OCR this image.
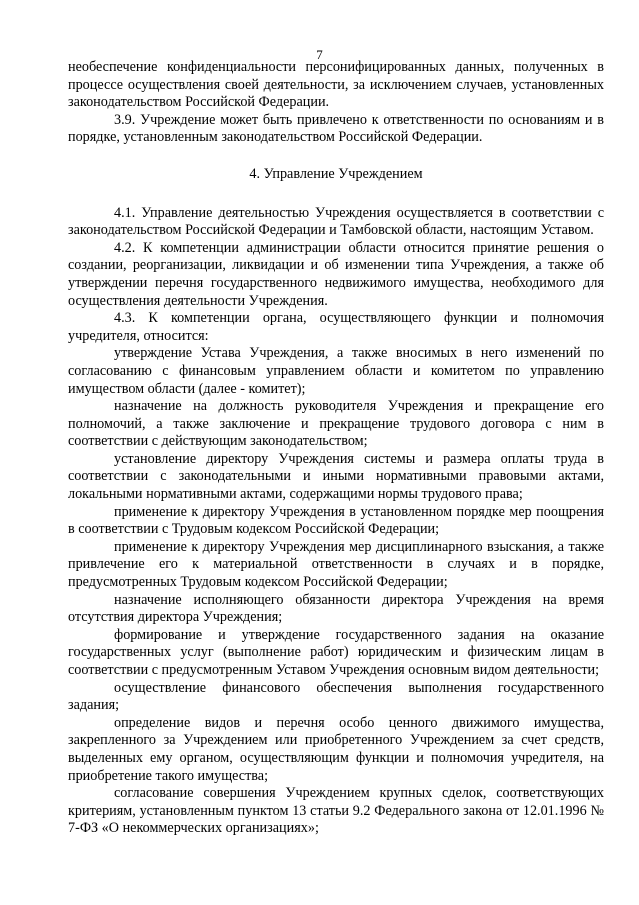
7

необеспечение конфиденциальности персонифицированных данных, полученных в процессе осуществления своей деятельности, за исключением случаев, установленных законодательством Российской Федерации.

3.9. Учреждение может быть привлечено к ответственности по основаниям и в порядке, установленным законодательством Российской Федерации.

4. Управление Учреждением

4.1. Управление деятельностью Учреждения осуществляется в соответствии с законодательством Российской Федерации и Тамбовской области, настоящим Уставом.

4.2. К компетенции администрации области относится принятие решения о создании, реорганизации, ликвидации и об изменении типа Учреждения, а также об утверждении перечня государственного недвижимого имущества, необходимого для осуществления деятельности Учреждения.

4.3. К компетенции органа, осуществляющего функции и полномочия учредителя, относится:

утверждение Устава Учреждения, а также вносимых в него изменений по согласованию с финансовым управлением области и комитетом по управлению имуществом области (далее - комитет);

назначение на должность руководителя Учреждения и прекращение его полномочий, а также заключение и прекращение трудового договора с ним в соответствии с действующим законодательством;

установление директору Учреждения системы и размера оплаты труда в соответствии с законодательными и иными нормативными правовыми актами, локальными нормативными актами, содержащими нормы трудового права;

применение к директору Учреждения в установленном порядке мер поощрения в соответствии с Трудовым кодексом Российской Федерации;

применение к директору Учреждения мер дисциплинарного взыскания, а также привлечение его к материальной ответственности в случаях и в порядке, предусмотренных Трудовым кодексом Российской Федерации;

назначение исполняющего обязанности директора Учреждения на время отсутствия директора Учреждения;

формирование и утверждение государственного задания на оказание государственных услуг (выполнение работ) юридическим и физическим лицам в соответствии с предусмотренным Уставом Учреждения основным видом деятельности;

осуществление финансового обеспечения выполнения государственного задания;

определение видов и перечня особо ценного движимого имущества, закрепленного за Учреждением или приобретенного Учреждением за счет средств, выделенных ему органом, осуществляющим функции и полномочия учредителя, на приобретение такого имущества;

согласование совершения Учреждением крупных сделок, соответствующих критериям, установленным пунктом 13 статьи 9.2 Федерального закона от 12.01.1996 № 7-ФЗ «О некоммерческих организациях»;
